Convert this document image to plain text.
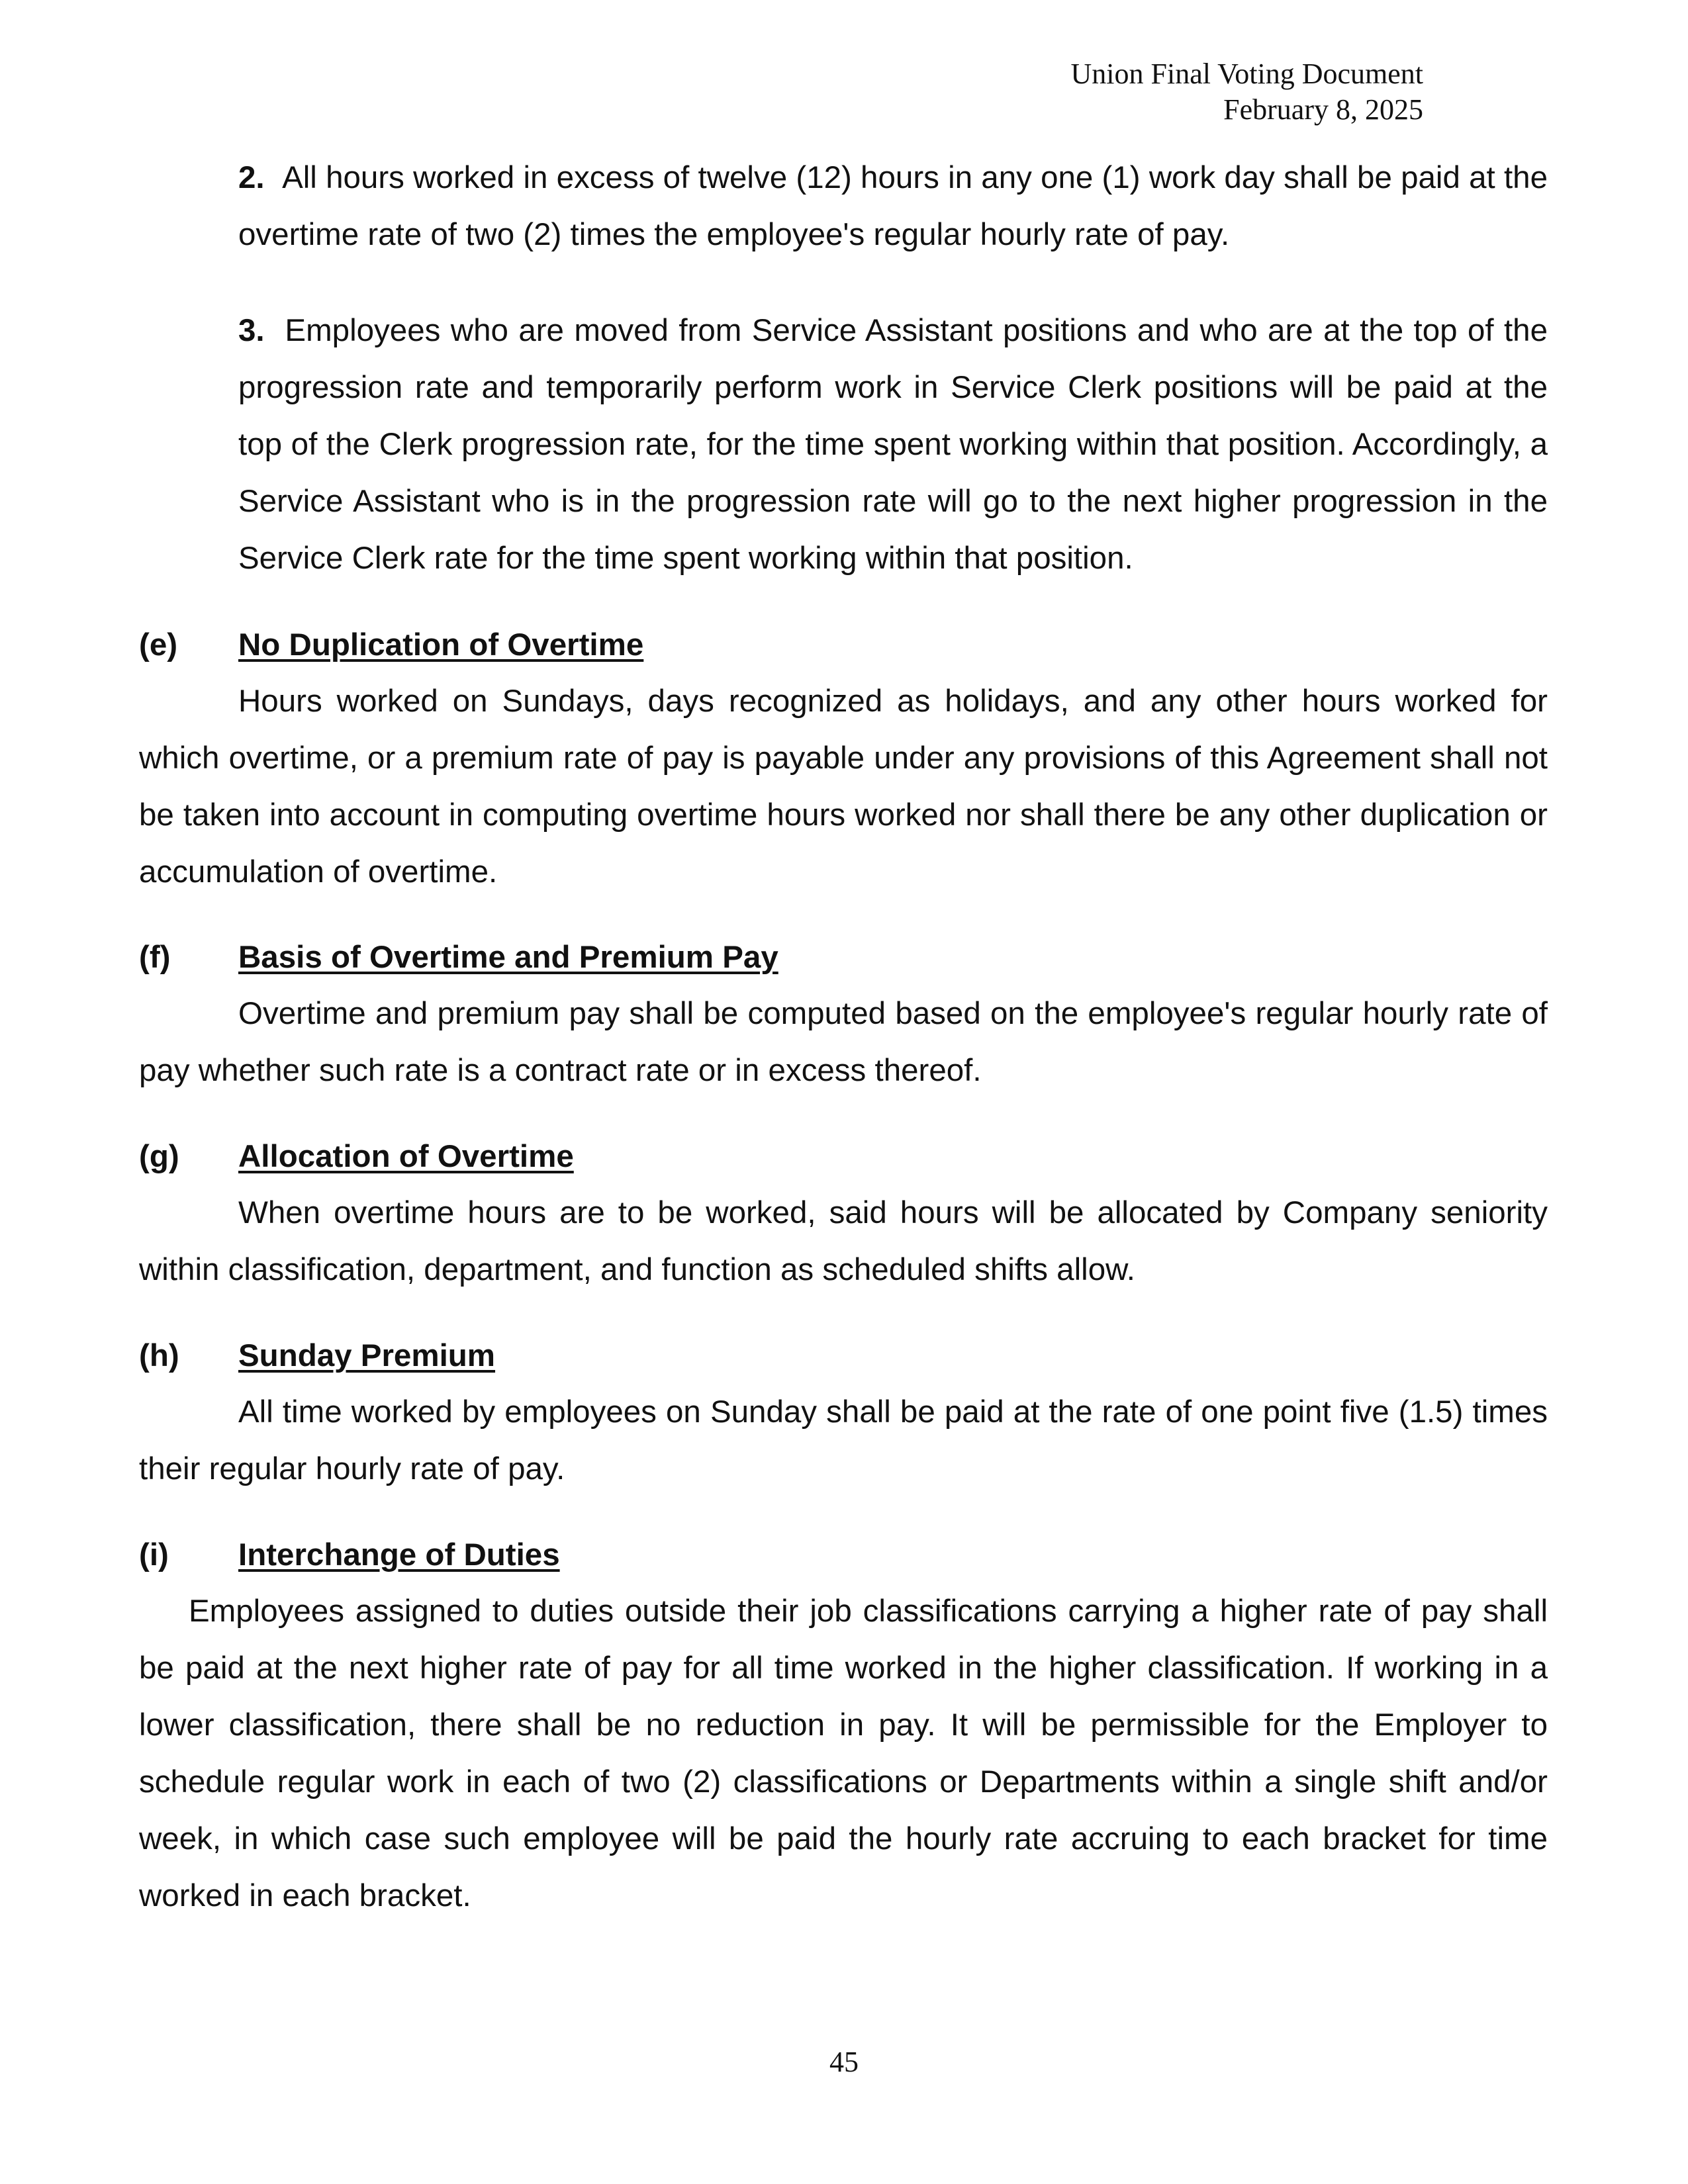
Union Final Voting Document
February 8, 2025
2. All hours worked in excess of twelve (12) hours in any one (1) work day shall be paid at the overtime rate of two (2) times the employee's regular hourly rate of pay.
3. Employees who are moved from Service Assistant positions and who are at the top of the progression rate and temporarily perform work in Service Clerk positions will be paid at the top of the Clerk progression rate, for the time spent working within that position. Accordingly, a Service Assistant who is in the progression rate will go to the next higher progression in the Service Clerk rate for the time spent working within that position.
(e) No Duplication of Overtime
Hours worked on Sundays, days recognized as holidays, and any other hours worked for which overtime, or a premium rate of pay is payable under any provisions of this Agreement shall not be taken into account in computing overtime hours worked nor shall there be any other duplication or accumulation of overtime.
(f) Basis of Overtime and Premium Pay
Overtime and premium pay shall be computed based on the employee's regular hourly rate of pay whether such rate is a contract rate or in excess thereof.
(g) Allocation of Overtime
When overtime hours are to be worked, said hours will be allocated by Company seniority within classification, department, and function as scheduled shifts allow.
(h) Sunday Premium
All time worked by employees on Sunday shall be paid at the rate of one point five (1.5) times their regular hourly rate of pay.
(i) Interchange of Duties
Employees assigned to duties outside their job classifications carrying a higher rate of pay shall be paid at the next higher rate of pay for all time worked in the higher classification. If working in a lower classification, there shall be no reduction in pay. It will be permissible for the Employer to schedule regular work in each of two (2) classifications or Departments within a single shift and/or week, in which case such employee will be paid the hourly rate accruing to each bracket for time worked in each bracket.
45
